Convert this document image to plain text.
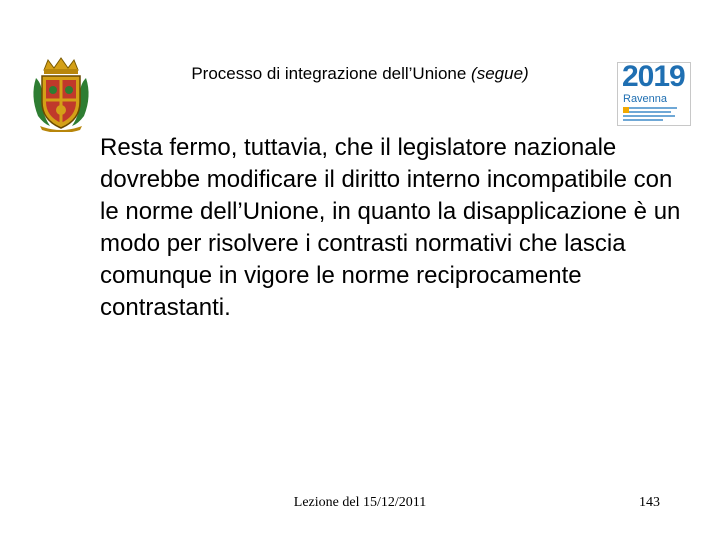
Processo di integrazione dell’Unione (segue)	2019
Ravenna

Resta fermo, tuttavia, che il legislatore nazionale dovrebbe modificare il diritto interno incompatibile con le norme dell’Unione, in quanto la disapplicazione è un modo per risolvere i contrasti normativi che lascia comunque in vigore le norme reciprocamente contrastanti.

Lezione del 15/12/2011	143
